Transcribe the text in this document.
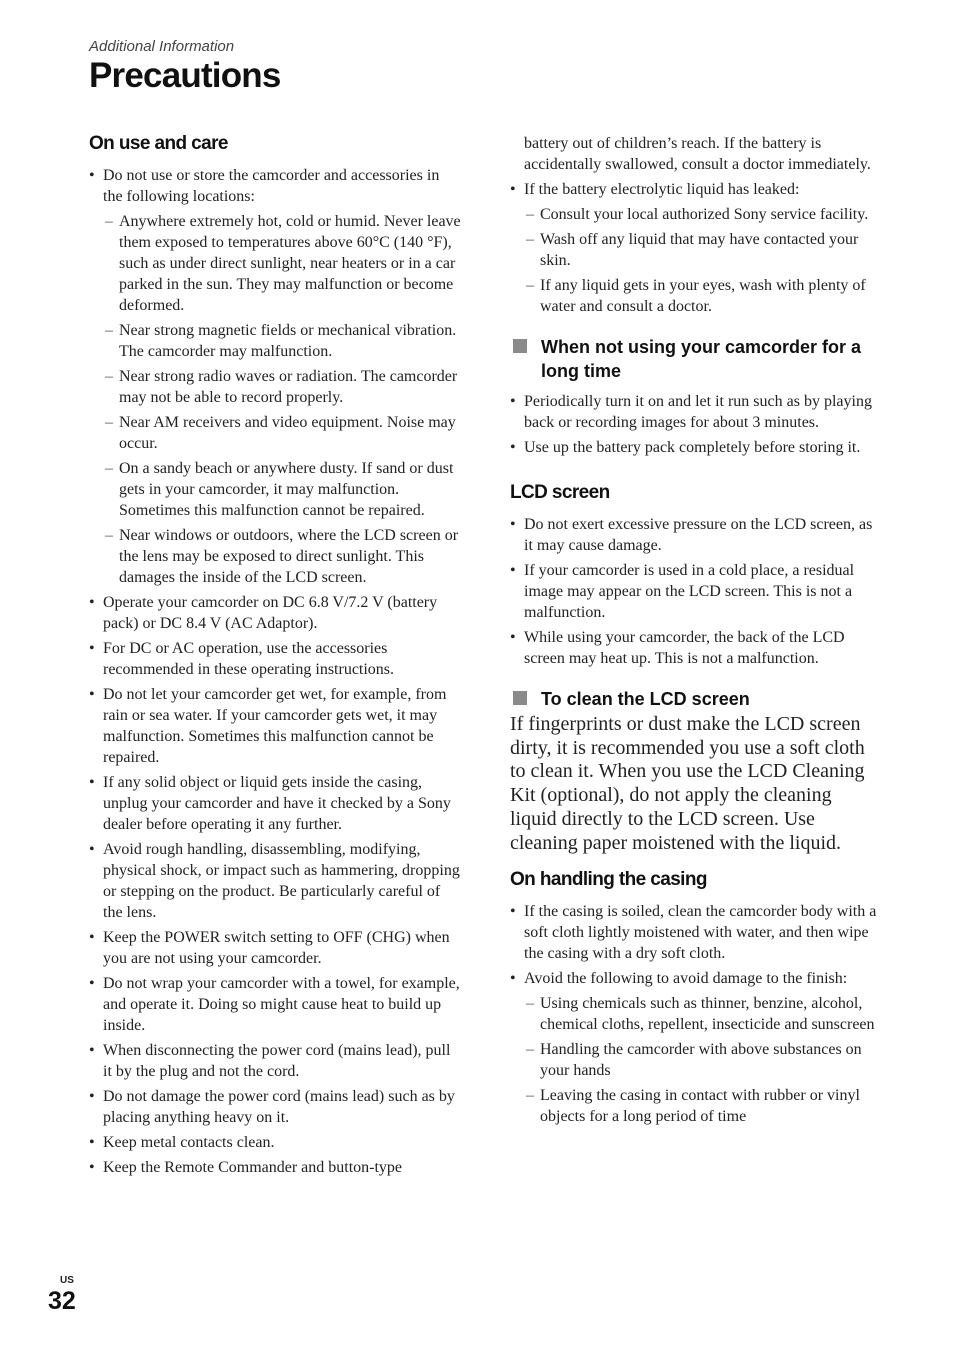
Additional Information
Precautions
On use and care
• Do not use or store the camcorder and accessories in the following locations:
– Anywhere extremely hot, cold or humid. Never leave them exposed to temperatures above 60°C (140 °F), such as under direct sunlight, near heaters or in a car parked in the sun. They may malfunction or become deformed.
– Near strong magnetic fields or mechanical vibration. The camcorder may malfunction.
– Near strong radio waves or radiation. The camcorder may not be able to record properly.
– Near AM receivers and video equipment. Noise may occur.
– On a sandy beach or anywhere dusty. If sand or dust gets in your camcorder, it may malfunction. Sometimes this malfunction cannot be repaired.
– Near windows or outdoors, where the LCD screen or the lens may be exposed to direct sunlight. This damages the inside of the LCD screen.
• Operate your camcorder on DC 6.8 V/7.2 V (battery pack) or DC 8.4 V (AC Adaptor).
• For DC or AC operation, use the accessories recommended in these operating instructions.
• Do not let your camcorder get wet, for example, from rain or sea water. If your camcorder gets wet, it may malfunction. Sometimes this malfunction cannot be repaired.
• If any solid object or liquid gets inside the casing, unplug your camcorder and have it checked by a Sony dealer before operating it any further.
• Avoid rough handling, disassembling, modifying, physical shock, or impact such as hammering, dropping or stepping on the product. Be particularly careful of the lens.
• Keep the POWER switch setting to OFF (CHG) when you are not using your camcorder.
• Do not wrap your camcorder with a towel, for example, and operate it. Doing so might cause heat to build up inside.
• When disconnecting the power cord (mains lead), pull it by the plug and not the cord.
• Do not damage the power cord (mains lead) such as by placing anything heavy on it.
• Keep metal contacts clean.
• Keep the Remote Commander and button-type
battery out of children’s reach. If the battery is accidentally swallowed, consult a doctor immediately.
• If the battery electrolytic liquid has leaked:
– Consult your local authorized Sony service facility.
– Wash off any liquid that may have contacted your skin.
– If any liquid gets in your eyes, wash with plenty of water and consult a doctor.
When not using your camcorder for a long time
• Periodically turn it on and let it run such as by playing back or recording images for about 3 minutes.
• Use up the battery pack completely before storing it.
LCD screen
• Do not exert excessive pressure on the LCD screen, as it may cause damage.
• If your camcorder is used in a cold place, a residual image may appear on the LCD screen. This is not a malfunction.
• While using your camcorder, the back of the LCD screen may heat up. This is not a malfunction.
To clean the LCD screen

If fingerprints or dust make the LCD screen dirty, it is recommended you use a soft cloth to clean it. When you use the LCD Cleaning Kit (optional), do not apply the cleaning liquid directly to the LCD screen. Use cleaning paper moistened with the liquid.

On handling the casing
• If the casing is soiled, clean the camcorder body with a soft cloth lightly moistened with water, and then wipe the casing with a dry soft cloth.
• Avoid the following to avoid damage to the finish:
– Using chemicals such as thinner, benzine, alcohol, chemical cloths, repellent, insecticide and sunscreen
– Handling the camcorder with above substances on your hands
– Leaving the casing in contact with rubber or vinyl objects for a long period of time
US
32
